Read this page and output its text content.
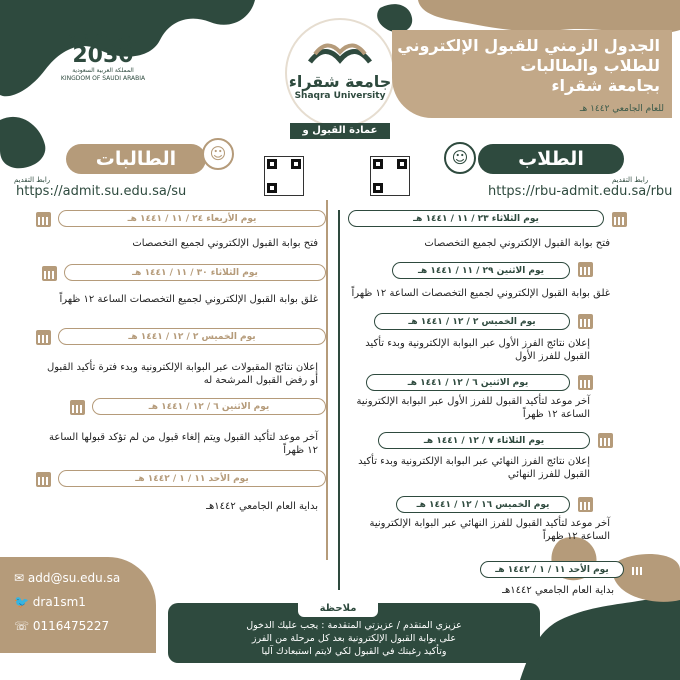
VISION رؤية
2030
المملكة العربية السعودية
KINGDOM OF SAUDI ARABIA	جامعة شقراء
Shaqra University
عمادة القبول و التسجيل
الجدول الزمني للقبول الإلكتروني
للطلاب والطالبات
بجامعة شقراء
للعام الجامعي ١٤٤٢ هـ
الطالبات	☺
رابط التقديم
https://admit.su.edu.sa/su
☺	الطلاب
رابط التقديم
https://rbu-admit.edu.sa/rbu
يوم الأربعاء ٢٤ / ١١ / ١٤٤١ هـ
فتح بوابة القبول الإلكتروني لجميع التخصصات
يوم الثلاثاء ٣٠ / ١١ / ١٤٤١ هـ
غلق بوابة القبول الإلكتروني لجميع التخصصات الساعة ١٢ ظهراً
يوم الخميس ٢ / ١٢ / ١٤٤١ هـ
إعلان نتائج المقبولات عبر البوابة الإلكترونية وبدء فترة تأكيد القبول أو رفض القبول المرشحة له
يوم الاثنين ٦ / ١٢ / ١٤٤١ هـ
آخر موعد لتأكيد القبول ويتم إلغاء قبول من لم تؤكد قبولها الساعة ١٢ ظهراً
يوم الأحد ١١ / ١ / ١٤٤٢ هـ
بداية العام الجامعي ١٤٤٢هـ
يوم الثلاثاء ٢٣ / ١١ / ١٤٤١ هـ
فتح بوابة القبول الإلكتروني لجميع التخصصات
يوم الاثنين ٢٩ / ١١ / ١٤٤١ هـ
غلق بوابة القبول الإلكتروني لجميع التخصصات الساعة ١٢ ظهراً
يوم الخميس ٢ / ١٢ / ١٤٤١ هـ
إعلان نتائج الفرز الأول عبر البوابة الإلكترونية وبدء تأكيد القبول للفرز الأول
يوم الاثنين ٦ / ١٢ / ١٤٤١ هـ
آخر موعد لتأكيد القبول للفرز الأول عبر البوابة الإلكترونية الساعة ١٢ ظهراً
يوم الثلاثاء ٧ / ١٢ / ١٤٤١ هـ
إعلان نتائج الفرز النهائي عبر البوابة الإلكترونية وبدء تأكيد القبول للفرز النهائي
يوم الخميس ١٦ / ١٢ / ١٤٤١ هـ
آخر موعد لتأكيد القبول للفرز النهائي عبر البوابة الإلكترونية الساعة ١٢ ظهراً
يوم الأحد ١١ / ١ / ١٤٤٢ هـ
بداية العام الجامعي ١٤٤٢هـ
✉ add@su.edu.sa
🐦 dra1sm1
☏ 0116475227	عزيزي المتقدم / عزيزتي المتقدمة : يجب عليك الدخول
على بوابة القبول الإلكترونية بعد كل مرحلة من الفرز
وتأكيد رغبتك في القبول لكي لايتم استبعادك آليا
ملاحظة
